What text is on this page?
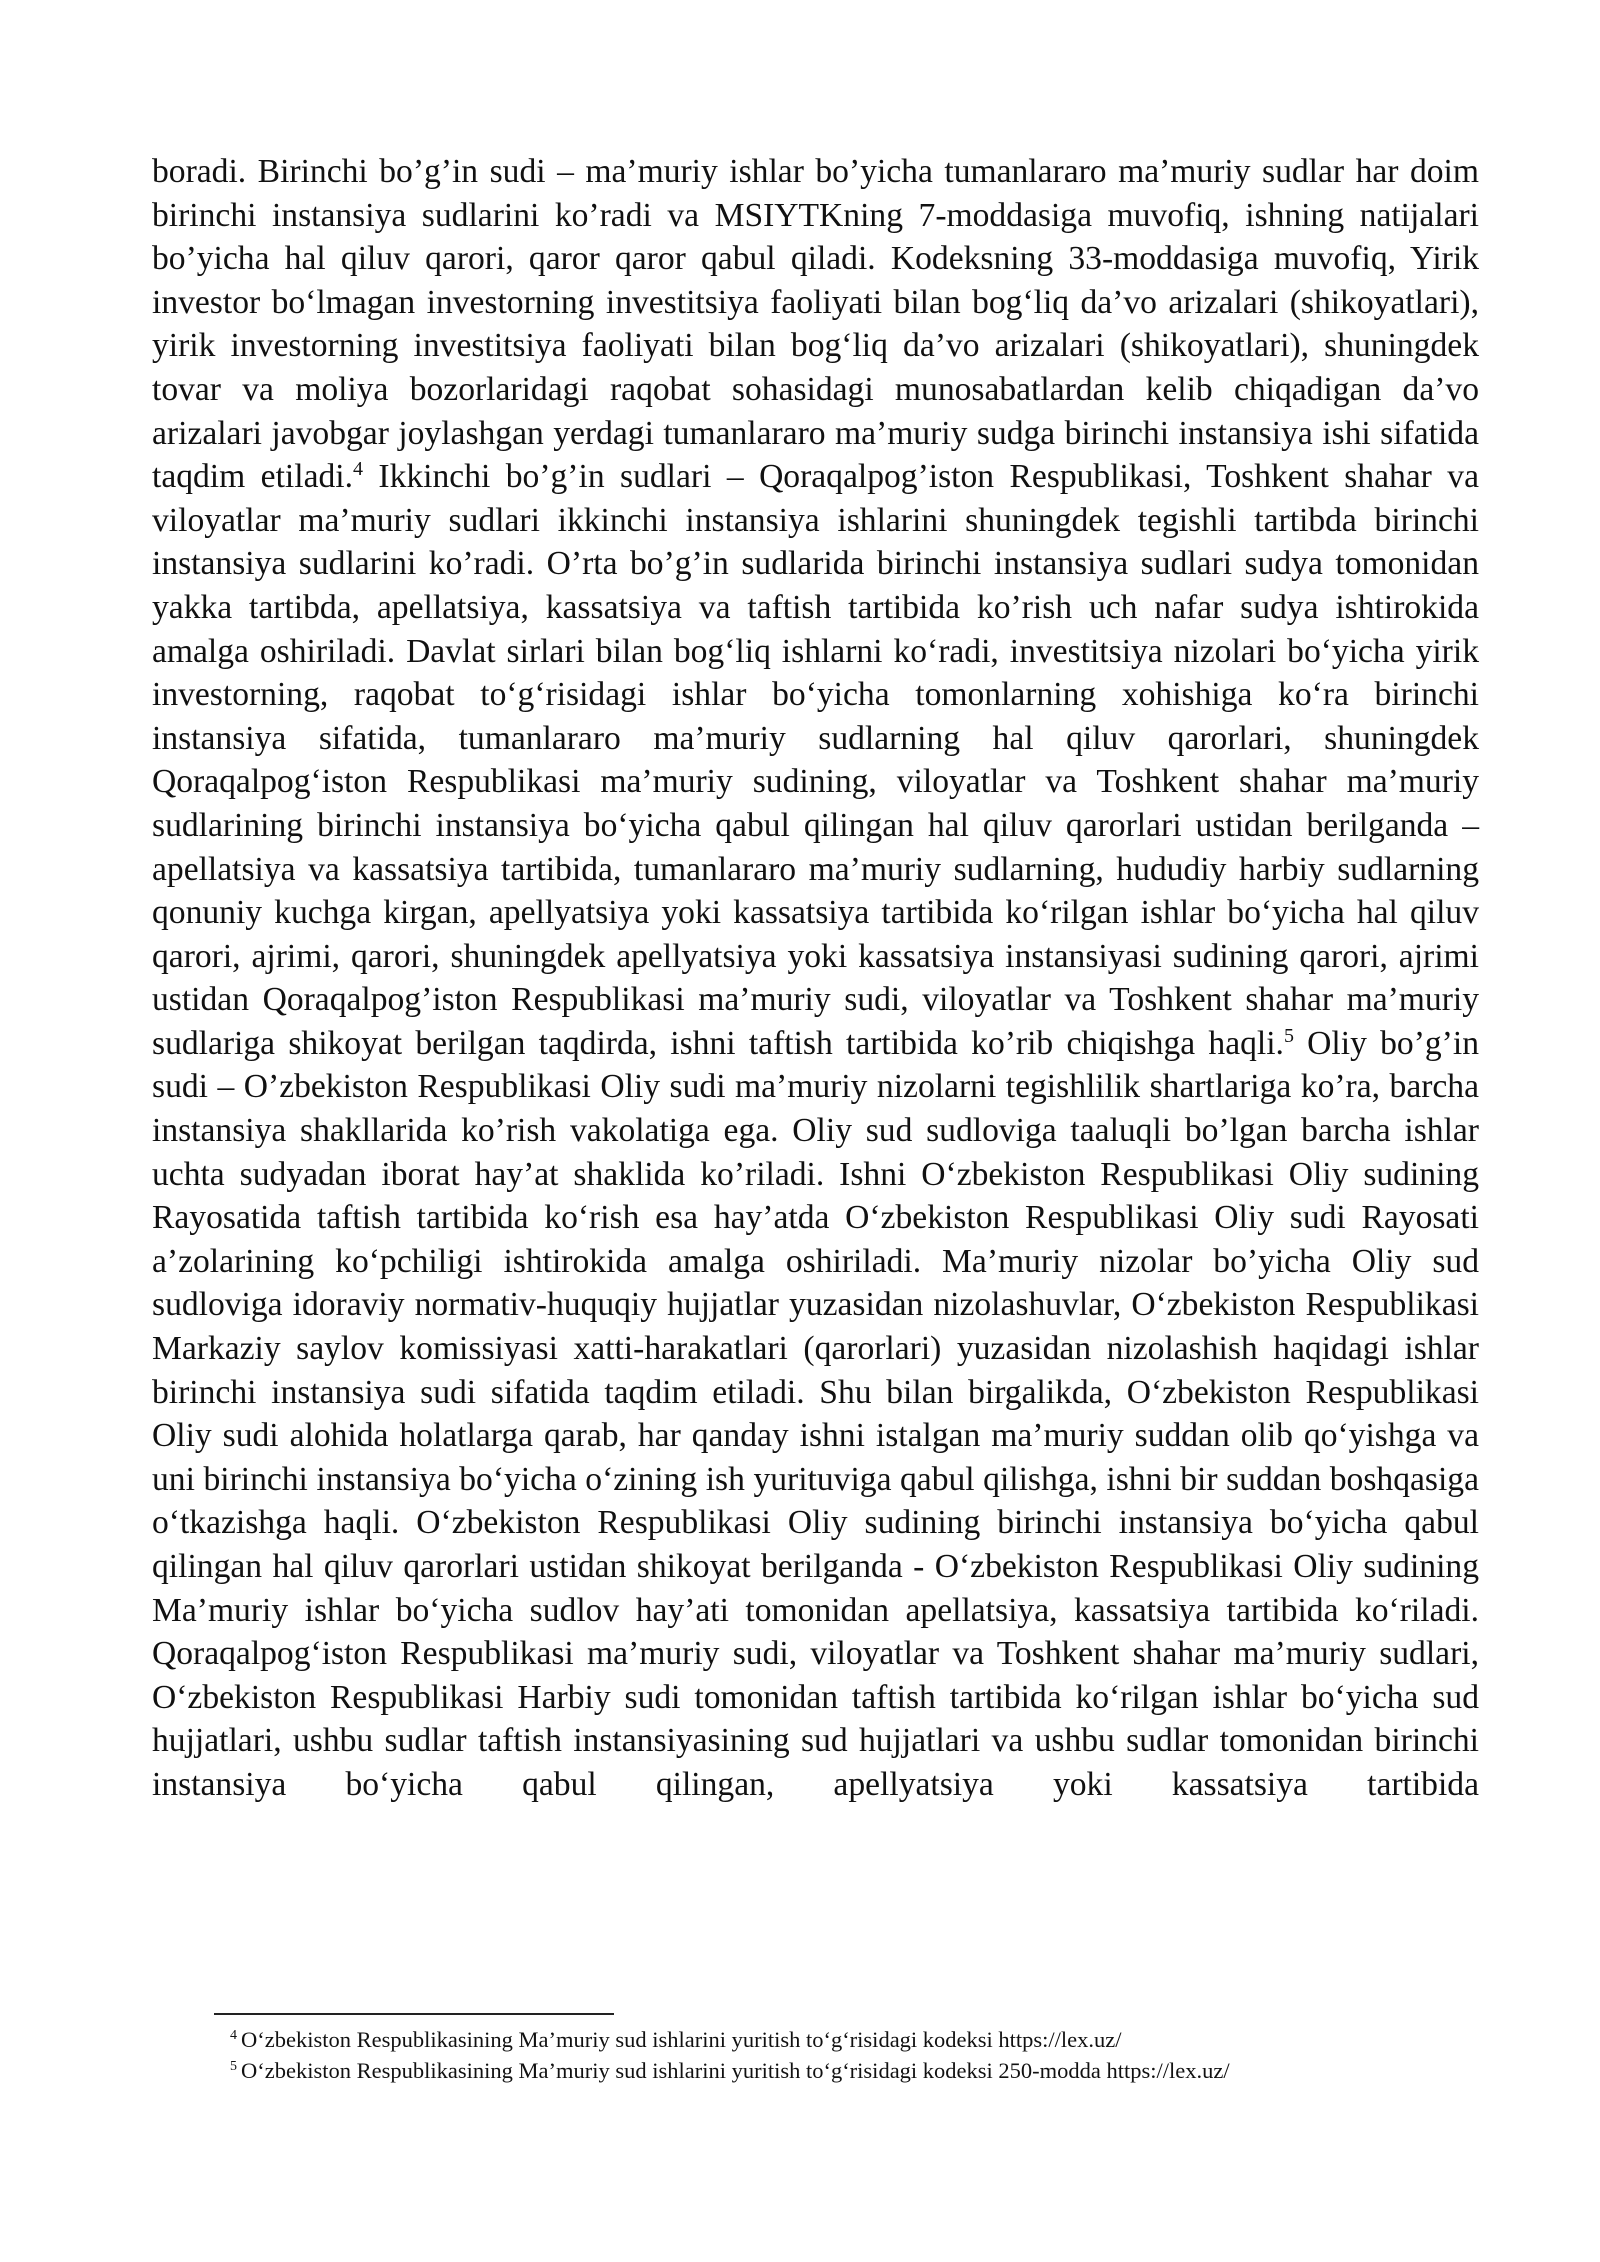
boradi. Birinchi bo’g’in sudi – ma’muriy ishlar bo’yicha tumanlararo ma’muriy sudlar har doim birinchi instansiya sudlarini ko’radi va MSIYTKning 7-moddasiga muvofiq, ishning natijalari bo’yicha hal qiluv qarori, qaror qaror qabul qiladi. Kodeksning 33-moddasiga muvofiq, Yirik investor bo‘lmagan investorning investitsiya faoliyati bilan bog‘liq da’vo arizalari (shikoyatlari), yirik investorning investitsiya faoliyati bilan bog‘liq da’vo arizalari (shikoyatlari), shuningdek tovar va moliya bozorlaridagi raqobat sohasidagi munosabatlardan kelib chiqadigan da’vo arizalari javobgar joylashgan yerdagi tumanlararo ma’muriy sudga birinchi instansiya ishi sifatida taqdim etiladi.$^4$ Ikkinchi bo’g’in sudlari – Qoraqalpog’iston Respublikasi, Toshkent shahar va viloyatlar ma’muriy sudlari ikkinchi instansiya ishlarini shuningdek tegishli tartibda birinchi instansiya sudlarini ko’radi. O’rta bo’g’in sudlarida birinchi instansiya sudlari sudya tomonidan yakka tartibda, apellatsiya, kassatsiya va taftish tartibida ko’rish uch nafar sudya ishtirokida amalga oshiriladi. Davlat sirlari bilan bog‘liq ishlarni ko‘radi, investitsiya nizolari bo‘yicha yirik investorning, raqobat to‘g‘risidagi ishlar bo‘yicha tomonlarning xohishiga ko‘ra birinchi instansiya sifatida, tumanlararo ma’muriy sudlarning hal qiluv qarorlari, shuningdek Qoraqalpog‘iston Respublikasi ma’muriy sudining, viloyatlar va Toshkent shahar ma’muriy sudlarining birinchi instansiya bo‘yicha qabul qilingan hal qiluv qarorlari ustidan berilganda – apellatsiya va kassatsiya tartibida, tumanlararo ma’muriy sudlarning, hududiy harbiy sudlarning qonuniy kuchga kirgan, apellyatsiya yoki kassatsiya tartibida ko‘rilgan ishlar bo‘yicha hal qiluv qarori, ajrimi, qarori, shuningdek apellyatsiya yoki kassatsiya instansiyasi sudining qarori, ajrimi ustidan Qoraqalpog’iston Respublikasi ma’muriy sudi, viloyatlar va Toshkent shahar ma’muriy sudlariga shikoyat berilgan taqdirda, ishni taftish tartibida ko’rib chiqishga haqli.$^5$ Oliy bo’g’in sudi – O’zbekiston Respublikasi Oliy sudi ma’muriy nizolarni tegishlilik shartlariga ko’ra, barcha instansiya shakllarida ko’rish vakolatiga ega. Oliy sud sudloviga taaluqli bo’lgan barcha ishlar uchta sudyadan iborat hay’at shaklida ko’riladi. Ishni O‘zbekiston Respublikasi Oliy sudining Rayosatida taftish tartibida ko‘rish esa hay’atda O‘zbekiston Respublikasi Oliy sudi Rayosati a’zolarining ko‘pchiligi ishtirokida amalga oshiriladi. Ma’muriy nizolar bo’yicha Oliy sud sudloviga idoraviy normativ-huquqiy hujjatlar yuzasidan nizolashuvlar, O‘zbekiston Respublikasi Markaziy saylov komissiyasi xatti-harakatlari (qarorlari) yuzasidan nizolashish haqidagi ishlar birinchi instansiya sudi sifatida taqdim etiladi. Shu bilan birgalikda, O‘zbekiston Respublikasi Oliy sudi alohida holatlarga qarab, har qanday ishni istalgan ma’muriy suddan olib qo‘yishga va uni birinchi instansiya bo‘yicha o‘zining ish yurituviga qabul qilishga, ishni bir suddan boshqasiga o‘tkazishga haqli. O‘zbekiston Respublikasi Oliy sudining birinchi instansiya bo‘yicha qabul qilingan hal qiluv qarorlari ustidan shikoyat berilganda - O‘zbekiston Respublikasi Oliy sudining Ma’muriy ishlar bo‘yicha sudlov hay’ati tomonidan apellatsiya, kassatsiya tartibida ko‘riladi. Qoraqalpog‘iston Respublikasi ma’muriy sudi, viloyatlar va Toshkent shahar ma’muriy sudlari, O‘zbekiston Respublikasi Harbiy sudi tomonidan taftish tartibida ko‘rilgan ishlar bo‘yicha sud hujjatlari, ushbu sudlar taftish instansiyasining sud hujjatlari va ushbu sudlar tomonidan birinchi instansiya bo‘yicha qabul qilingan, apellyatsiya yoki kassatsiya tartibida

$^4$ O‘zbekiston Respublikasining Ma’muriy sud ishlarini yuritish to‘g‘risidagi kodeksi https://lex.uz/

$^5$ O‘zbekiston Respublikasining Ma’muriy sud ishlarini yuritish to‘g‘risidagi kodeksi 250-modda https://lex.uz/
